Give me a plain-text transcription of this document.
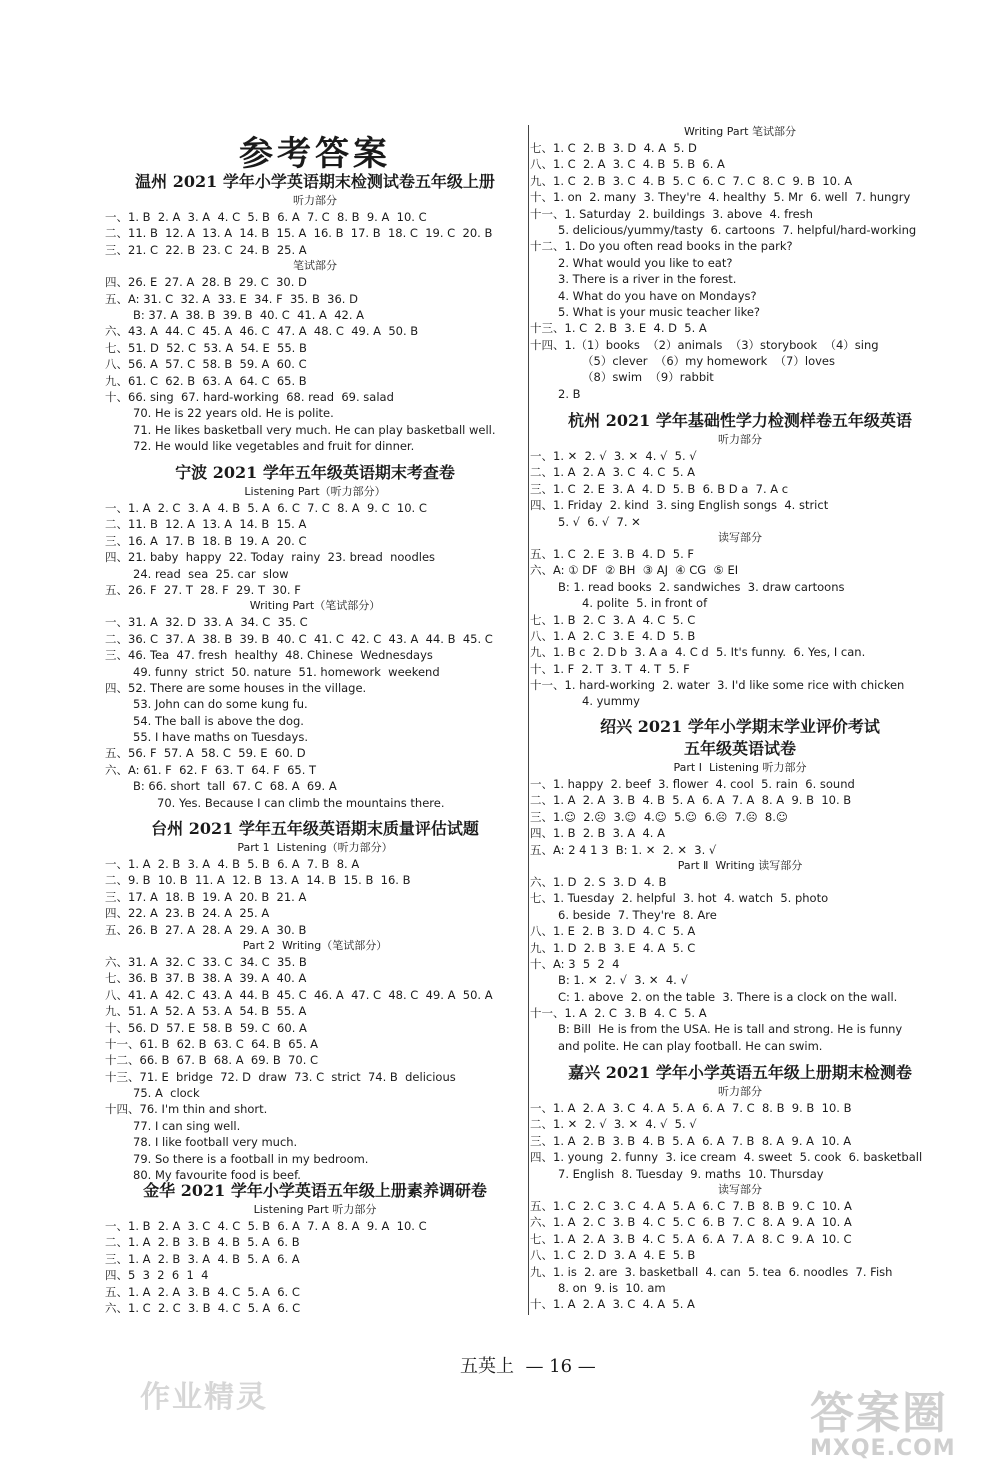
参考答案
温州 2021 学年小学英语期末检测试卷五年级上册
听力部分
一、1. B  2. A  3. A  4. C  5. B  6. A  7. C  8. B  9. A  10. C
二、11. B  12. A  13. A  14. B  15. A  16. B  17. B  18. C  19. C  20. B
三、21. C  22. B  23. C  24. B  25. A
笔试部分
四、26. E  27. A  28. B  29. C  30. D
五、A: 31. C  32. A  33. E  34. F  35. B  36. D
B: 37. A  38. B  39. B  40. C  41. A  42. A
六、43. A  44. C  45. A  46. C  47. A  48. C  49. A  50. B
七、51. D  52. C  53. A  54. E  55. B
八、56. A  57. C  58. B  59. A  60. C
九、61. C  62. B  63. A  64. C  65. B
十、66. sing  67. hard-working  68. read  69. salad
70. He is 22 years old. He is polite.
71. He likes basketball very much. He can play basketball well.
72. He would like vegetables and fruit for dinner.
宁波 2021 学年五年级英语期末考查卷
Listening Part（听力部分）
一、1. A  2. C  3. A  4. B  5. A  6. C  7. C  8. A  9. C  10. C
二、11. B  12. A  13. A  14. B  15. A
三、16. A  17. B  18. B  19. A  20. C
四、21. baby  happy  22. Today  rainy  23. bread  noodles
24. read  sea  25. car  slow
五、26. F  27. T  28. F  29. T  30. F
Writing Part（笔试部分）
一、31. A  32. D  33. A  34. C  35. C
二、36. C  37. A  38. B  39. B  40. C  41. C  42. C  43. A  44. B  45. C
三、46. Tea  47. fresh  healthy  48. Chinese  Wednesdays
49. funny  strict  50. nature  51. homework  weekend
四、52. There are some houses in the village.
53. John can do some kung fu.
54. The ball is above the dog.
55. I have maths on Tuesdays.
五、56. F  57. A  58. C  59. E  60. D
六、A: 61. F  62. F  63. T  64. F  65. T
B: 66. short  tall  67. C  68. A  69. A
70. Yes. Because I can climb the mountains there.
台州 2021 学年五年级英语期末质量评估试题
Part 1  Listening（听力部分）
一、1. A  2. B  3. A  4. B  5. B  6. A  7. B  8. A
二、9. B  10. B  11. A  12. B  13. A  14. B  15. B  16. B
三、17. A  18. B  19. A  20. B  21. A
四、22. A  23. B  24. A  25. A
五、26. B  27. A  28. A  29. A  30. B
Part 2  Writing（笔试部分）
六、31. A  32. C  33. C  34. C  35. B
七、36. B  37. B  38. A  39. A  40. A
八、41. A  42. C  43. A  44. B  45. C  46. A  47. C  48. C  49. A  50. A
九、51. A  52. A  53. A  54. B  55. A
十、56. D  57. E  58. B  59. C  60. A
十一、61. B  62. B  63. C  64. B  65. A
十二、66. B  67. B  68. A  69. B  70. C
十三、71. E  bridge  72. D  draw  73. C  strict  74. B  delicious
75. A  clock
十四、76. I'm thin and short.
77. I can sing well.
78. I like football very much.
79. So there is a football in my bedroom.
80. My favourite food is beef.
金华 2021 学年小学英语五年级上册素养调研卷
Listening Part 听力部分
一、1. B  2. A  3. C  4. C  5. B  6. A  7. A  8. A  9. A  10. C
二、1. A  2. B  3. B  4. B  5. A  6. B
三、1. A  2. B  3. A  4. B  5. A  6. A
四、5  3  2  6  1  4
五、1. A  2. A  3. B  4. C  5. A  6. C
六、1. C  2. C  3. B  4. C  5. A  6. C
Writing Part 笔试部分
七、1. C  2. B  3. D  4. A  5. D
八、1. C  2. A  3. C  4. B  5. B  6. A
九、1. C  2. B  3. C  4. B  5. C  6. C  7. C  8. C  9. B  10. A
十、1. on  2. many  3. They're  4. healthy  5. Mr  6. well  7. hungry
十一、1. Saturday  2. buildings  3. above  4. fresh
5. delicious/yummy/tasty  6. cartoons  7. helpful/hard-working
十二、1. Do you often read books in the park?
2. What would you like to eat?
3. There is a river in the forest.
4. What do you have on Mondays?
5. What is your music teacher like?
十三、1. C  2. B  3. E  4. D  5. A
十四、1.（1）books  （2）animals  （3）storybook  （4）sing
（5）clever  （6）my homework  （7）loves
（8）swim  （9）rabbit
2. B
杭州 2021 学年基础性学力检测样卷五年级英语
听力部分
一、1. ✕  2. √  3. ✕  4. √  5. √
二、1. A  2. A  3. C  4. C  5. A
三、1. C  2. E  3. A  4. D  5. B  6. B D a  7. A c
四、1. Friday  2. kind  3. sing English songs  4. strict
5. √  6. √  7. ✕
读写部分
五、1. C  2. E  3. B  4. D  5. F
六、A: ① DF  ② BH  ③ AJ  ④ CG  ⑤ EI
B: 1. read books  2. sandwiches  3. draw cartoons
4. polite  5. in front of
七、1. B  2. C  3. A  4. C  5. C
八、1. A  2. C  3. E  4. D  5. B
九、1. B c  2. D b  3. A a  4. C d  5. It's funny.  6. Yes, I can.
十、1. F  2. T  3. T  4. T  5. F
十一、1. hard-working  2. water  3. I'd like some rice with chicken
4. yummy
绍兴 2021 学年小学期末学业评价考试
五年级英语试卷
Part Ⅰ  Listening 听力部分
一、1. happy  2. beef  3. flower  4. cool  5. rain  6. sound
二、1. A  2. A  3. B  4. B  5. A  6. A  7. A  8. A  9. B  10. B
三、1.☺  2.☹  3.☺  4.☺  5.☺  6.☹  7.☹  8.☺
四、1. B  2. B  3. A  4. A
五、A: 2 4 1 3  B: 1. ✕  2. ✕  3. √
Part Ⅱ  Writing 读写部分
六、1. D  2. S  3. D  4. B
七、1. Tuesday  2. helpful  3. hot  4. watch  5. photo
6. beside  7. They're  8. Are
八、1. E  2. B  3. D  4. C  5. A
九、1. D  2. B  3. E  4. A  5. C
十、A: 3  5  2  4
B: 1. ✕  2. √  3. ✕  4. √
C: 1. above  2. on the table  3. There is a clock on the wall.
十一、1. A  2. C  3. B  4. C  5. A
B: Bill  He is from the USA. He is tall and strong. He is funny
and polite. He can play football. He can swim.
嘉兴 2021 学年小学英语五年级上册期末检测卷
听力部分
一、1. A  2. A  3. C  4. A  5. A  6. A  7. C  8. B  9. B  10. B
二、1. ✕  2. √  3. ✕  4. √  5. √
三、1. A  2. B  3. B  4. B  5. A  6. A  7. B  8. A  9. A  10. A
四、1. young  2. funny  3. ice cream  4. sweet  5. cook  6. basketball
7. English  8. Tuesday  9. maths  10. Thursday
读写部分
五、1. C  2. C  3. C  4. A  5. A  6. C  7. B  8. B  9. C  10. A
六、1. A  2. C  3. B  4. C  5. C  6. B  7. C  8. A  9. A  10. A
七、1. A  2. A  3. B  4. C  5. A  6. A  7. A  8. C  9. A  10. C
八、1. C  2. D  3. A  4. E  5. B
九、1. is  2. are  3. basketball  4. can  5. tea  6. noodles  7. Fish
8. on  9. is  10. am
十、1. A  2. A  3. C  4. A  5. A
五英上  — 16 —
作业精灵	答案圈
MXQE.COM
